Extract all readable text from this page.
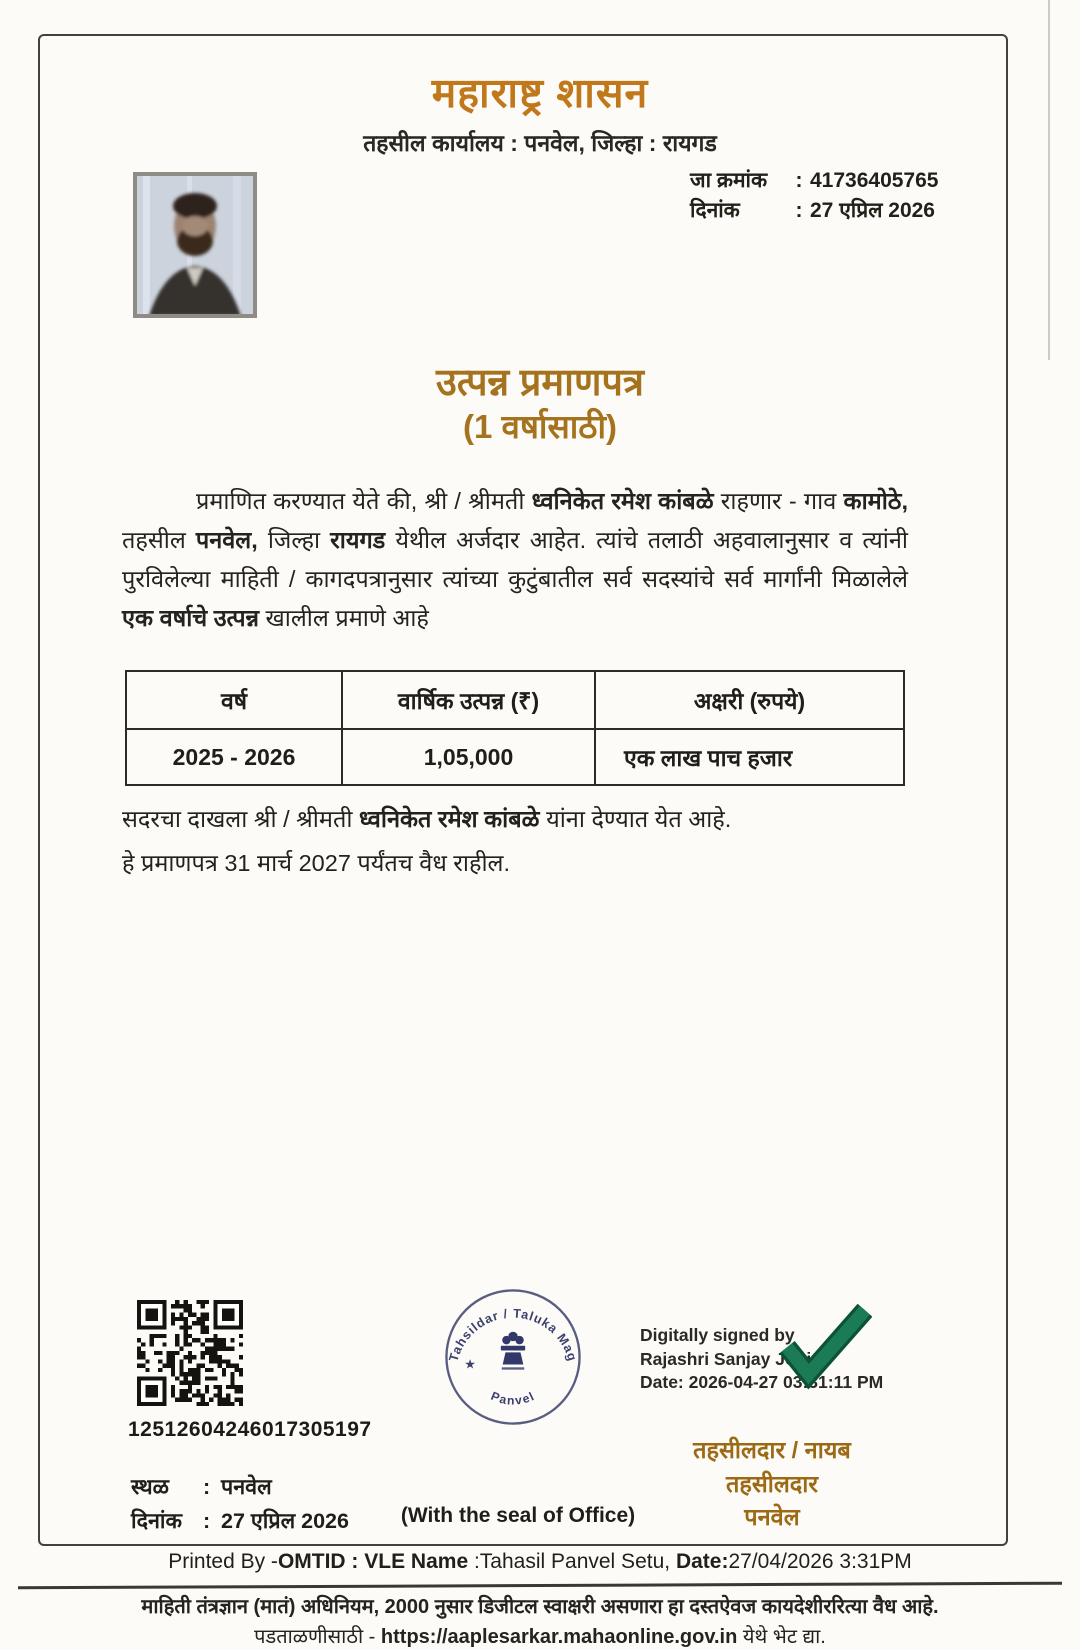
महाराष्ट्र शासन
तहसील कार्यालय : पनवेल, जिल्हा : रायगड
जा क्रमांक	: 41736405765
दिनांक	: 27 एप्रिल 2026
उत्पन्न प्रमाणपत्र
(1 वर्षासाठी)

प्रमाणित करण्यात येते की, श्री / श्रीमती ध्वनिकेत रमेश कांबळे राहणार - गाव कामोठे, तहसील पनवेल, जिल्हा रायगड येथील अर्जदार आहेत. त्यांचे तलाठी अहवालानुसार व त्यांनी पुरविलेल्या माहिती / कागदपत्रानुसार त्यांच्या कुटुंबातील सर्व सदस्यांचे सर्व मार्गांनी मिळालेले एक वर्षाचे उत्पन्न खालील प्रमाणे आहे

वर्ष	वार्षिक उत्पन्न (₹)	अक्षरी (रुपये)
2025 - 2026	1,05,000	एक लाख पाच हजार

सदरचा दाखला श्री / श्रीमती ध्वनिकेत रमेश कांबळे यांना देण्यात येत आहे.

हे प्रमाणपत्र 31 मार्च 2027 पर्यंतच वैध राहील.

12512604246017305197
स्थळ	: पनवेल
दिनांक : 27 एप्रिल 2026
Tahsildar / Taluka Mag
Panvel
★
(With the seal of Office)
Digitally signed by
Rajashri Sanjay Jogi
Date: 2026-04-27 03:31:11 PM
तहसीलदार / नायब
तहसीलदार
पनवेल
Printed By -OMTID : VLE Name :Tahasil Panvel Setu, Date:27/04/2026 3:31PM
माहिती तंत्रज्ञान (मातं) अधिनियम, 2000 नुसार डिजीटल स्वाक्षरी असणारा हा दस्तऐवज कायदेशीररित्या वैध आहे.
पडताळणीसाठी - https://aaplesarkar.mahaonline.gov.in येथे भेट द्या.
